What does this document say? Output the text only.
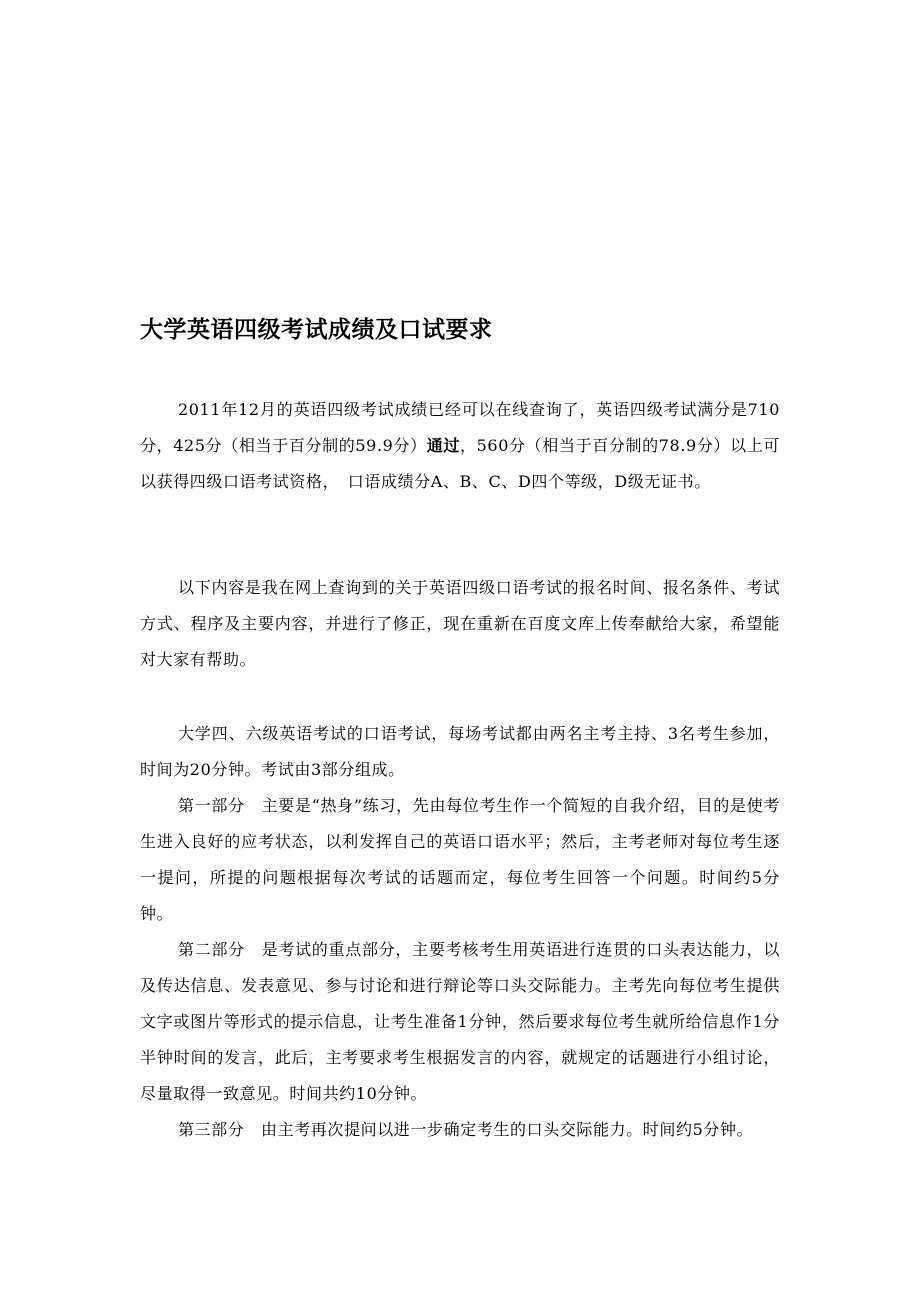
大学英语四级考试成绩及口试要求

2011年12月的英语四级考试成绩已经可以在线查询了，英语四级考试满分是710分，425分（相当于百分制的59.9分）通过，560分（相当于百分制的78.9分）以上可以获得四级口语考试资格，　口语成绩分A、B、C、D四个等级，D级无证书。

以下内容是我在网上查询到的关于英语四级口语考试的报名时间、报名条件、考试方式、程序及主要内容，并进行了修正，现在重新在百度文库上传奉献给大家，希望能对大家有帮助。

大学四、六级英语考试的口语考试，每场考试都由两名主考主持、3名考生参加，时间为20分钟。考试由3部分组成。

第一部分　主要是“热身”练习，先由每位考生作一个简短的自我介绍，目的是使考生进入良好的应考状态，以利发挥自己的英语口语水平；然后，主考老师对每位考生逐一提问，所提的问题根据每次考试的话题而定，每位考生回答一个问题。时间约5分钟。

第二部分　是考试的重点部分，主要考核考生用英语进行连贯的口头表达能力，以及传达信息、发表意见、参与讨论和进行辩论等口头交际能力。主考先向每位考生提供文字或图片等形式的提示信息，让考生准备1分钟，然后要求每位考生就所给信息作1分半钟时间的发言，此后，主考要求考生根据发言的内容，就规定的话题进行小组讨论，尽量取得一致意见。时间共约10分钟。

第三部分　由主考再次提问以进一步确定考生的口头交际能力。时间约5分钟。
